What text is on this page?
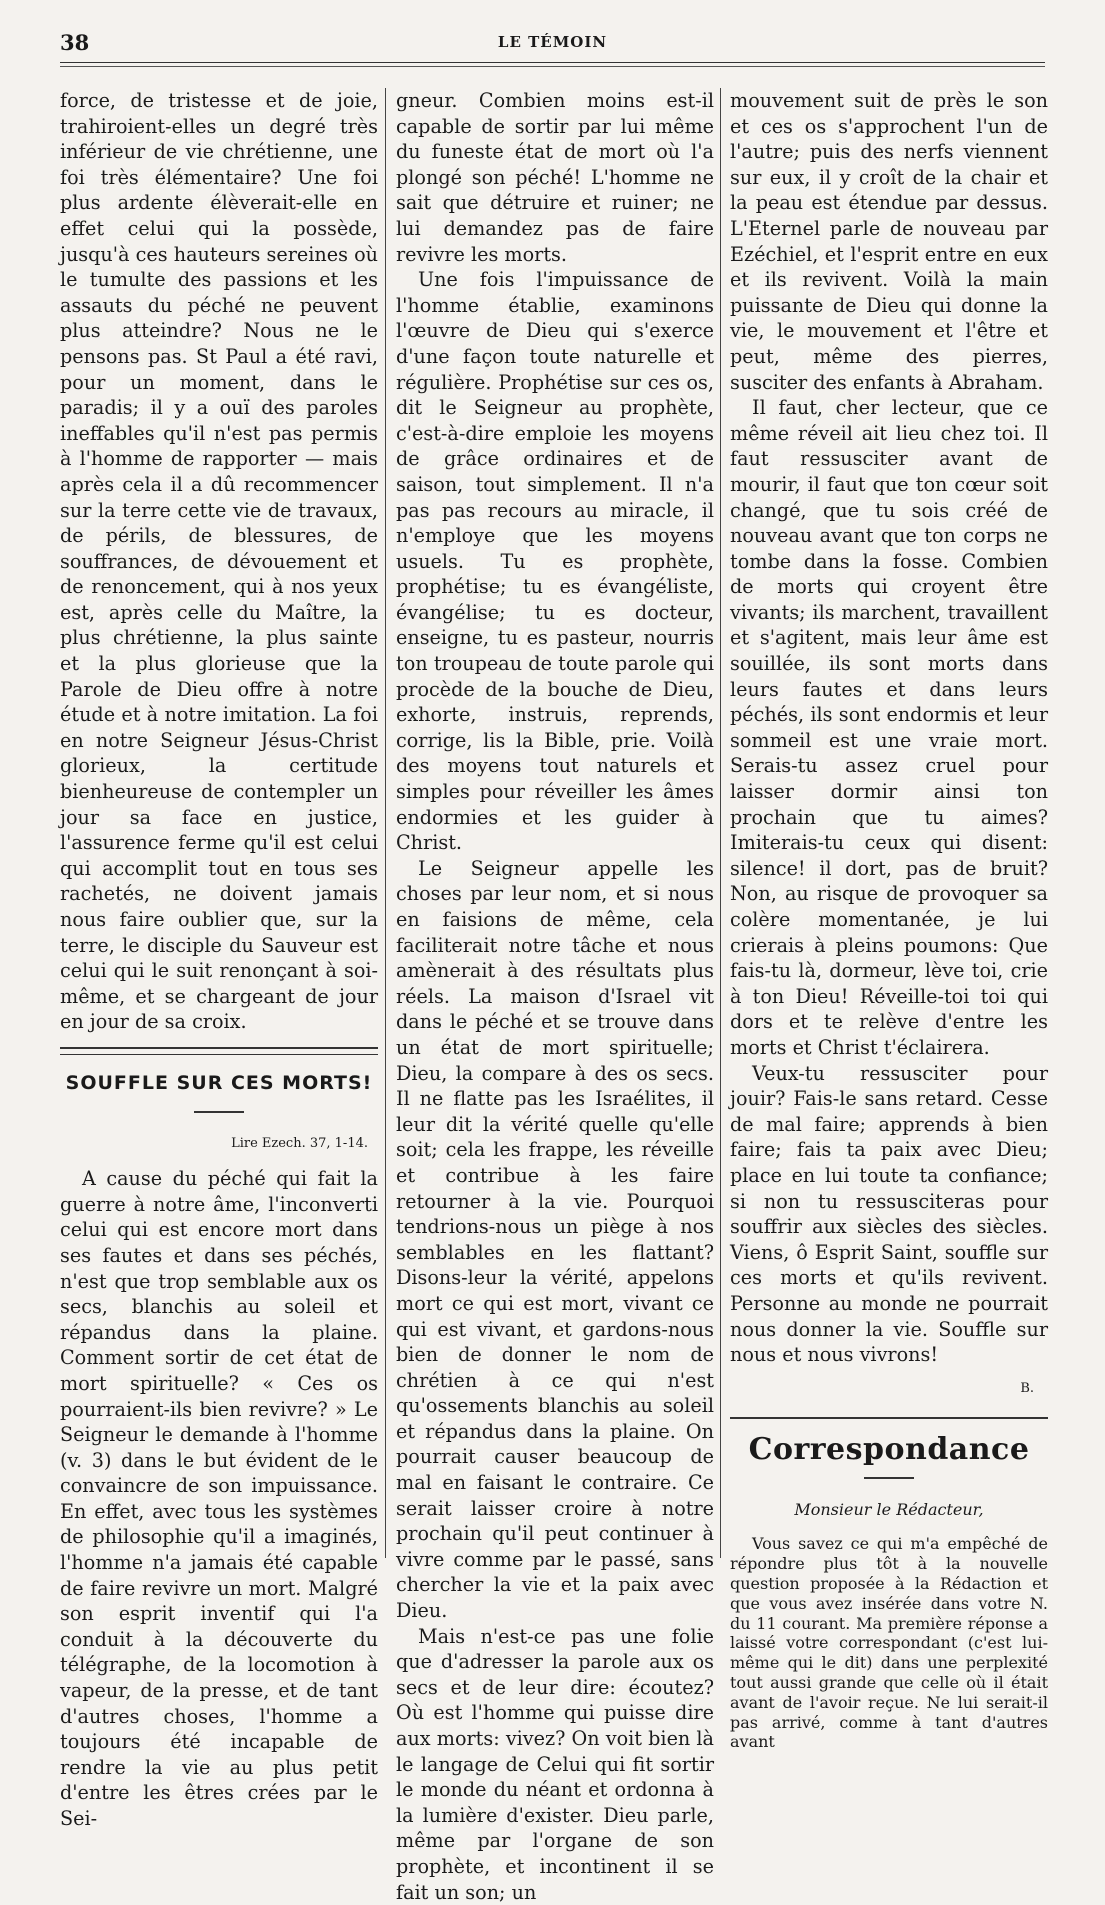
38	LE TÉMOIN

force, de tristesse et de joie, trahiroient-elles un degré très inférieur de vie chrétienne, une foi très élémentaire? Une foi plus ardente élèverait-elle en effet celui qui la possède, jusqu'à ces hauteurs sereines où le tumulte des passions et les assauts du péché ne peuvent plus atteindre? Nous ne le pensons pas. St Paul a été ravi, pour un moment, dans le paradis; il y a ouï des paroles ineffables qu'il n'est pas permis à l'homme de rapporter — mais après cela il a dû recommencer sur la terre cette vie de travaux, de périls, de blessures, de souffrances, de dévouement et de renoncement, qui à nos yeux est, après celle du Maître, la plus chrétienne, la plus sainte et la plus glorieuse que la Parole de Dieu offre à notre étude et à notre imitation. La foi en notre Seigneur Jésus-Christ glorieux, la certitude bienheureuse de contempler un jour sa face en justice, l'assurence ferme qu'il est celui qui accomplit tout en tous ses rachetés, ne doivent jamais nous faire oublier que, sur la terre, le disciple du Sauveur est celui qui le suit renonçant à soi-même, et se chargeant de jour en jour de sa croix.

SOUFFLE SUR CES MORTS!
Lire Ezech. 37, 1-14.

A cause du péché qui fait la guerre à notre âme, l'inconverti celui qui est encore mort dans ses fautes et dans ses péchés, n'est que trop semblable aux os secs, blanchis au soleil et répandus dans la plaine. Comment sortir de cet état de mort spirituelle? « Ces os pourraient-ils bien revivre? » Le Seigneur le demande à l'homme (v. 3) dans le but évident de le convaincre de son impuissance. En effet, avec tous les systèmes de philosophie qu'il a imaginés, l'homme n'a jamais été capable de faire revivre un mort. Malgré son esprit inventif qui l'a conduit à la découverte du télégraphe, de la locomotion à vapeur, de la presse, et de tant d'autres choses, l'homme a toujours été incapable de rendre la vie au plus petit d'entre les êtres crées par le Sei-

gneur. Combien moins est-il capable de sortir par lui même du funeste état de mort où l'a plongé son péché! L'homme ne sait que détruire et ruiner; ne lui demandez pas de faire revivre les morts.

Une fois l'impuissance de l'homme établie, examinons l'œuvre de Dieu qui s'exerce d'une façon toute naturelle et régulière. Prophétise sur ces os, dit le Seigneur au prophète, c'est-à-dire emploie les moyens de grâce ordinaires et de saison, tout simplement. Il n'a pas pas recours au miracle, il n'employe que les moyens usuels. Tu es prophète, prophétise; tu es évangéliste, évangélise; tu es docteur, enseigne, tu es pasteur, nourris ton troupeau de toute parole qui procède de la bouche de Dieu, exhorte, instruis, reprends, corrige, lis la Bible, prie. Voilà des moyens tout naturels et simples pour réveiller les âmes endormies et les guider à Christ.

Le Seigneur appelle les choses par leur nom, et si nous en faisions de même, cela faciliterait notre tâche et nous amènerait à des résultats plus réels. La maison d'Israel vit dans le péché et se trouve dans un état de mort spirituelle; Dieu, la compare à des os secs. Il ne flatte pas les Israélites, il leur dit la vérité quelle qu'elle soit; cela les frappe, les réveille et contribue à les faire retourner à la vie. Pourquoi tendrions-nous un piège à nos semblables en les flattant? Disons-leur la vérité, appelons mort ce qui est mort, vivant ce qui est vivant, et gardons-nous bien de donner le nom de chrétien à ce qui n'est qu'ossements blanchis au soleil et répandus dans la plaine. On pourrait causer beaucoup de mal en faisant le contraire. Ce serait laisser croire à notre prochain qu'il peut continuer à vivre comme par le passé, sans chercher la vie et la paix avec Dieu.

Mais n'est-ce pas une folie que d'adresser la parole aux os secs et de leur dire: écoutez? Où est l'homme qui puisse dire aux morts: vivez? On voit bien là le langage de Celui qui fit sortir le monde du néant et ordonna à la lumière d'exister. Dieu parle, même par l'organe de son prophète, et incontinent il se fait un son; un

mouvement suit de près le son et ces os s'approchent l'un de l'autre; puis des nerfs viennent sur eux, il y croît de la chair et la peau est étendue par dessus. L'Eternel parle de nouveau par Ezéchiel, et l'esprit entre en eux et ils revivent. Voilà la main puissante de Dieu qui donne la vie, le mouvement et l'être et peut, même des pierres, susciter des enfants à Abraham.

Il faut, cher lecteur, que ce même réveil ait lieu chez toi. Il faut ressusciter avant de mourir, il faut que ton cœur soit changé, que tu sois créé de nouveau avant que ton corps ne tombe dans la fosse. Combien de morts qui croyent être vivants; ils marchent, travaillent et s'agitent, mais leur âme est souillée, ils sont morts dans leurs fautes et dans leurs péchés, ils sont endormis et leur sommeil est une vraie mort. Serais-tu assez cruel pour laisser dormir ainsi ton prochain que tu aimes? Imiterais-tu ceux qui disent: silence! il dort, pas de bruit? Non, au risque de provoquer sa colère momentanée, je lui crierais à pleins poumons: Que fais-tu là, dormeur, lève toi, crie à ton Dieu! Réveille-toi toi qui dors et te relève d'entre les morts et Christ t'éclairera.

Veux-tu ressusciter pour jouir? Fais-le sans retard. Cesse de mal faire; apprends à bien faire; fais ta paix avec Dieu; place en lui toute ta confiance; si non tu ressusciteras pour souffrir aux siècles des siècles. Viens, ô Esprit Saint, souffle sur ces morts et qu'ils revivent. Personne au monde ne pourrait nous donner la vie. Souffle sur nous et nous vivrons!

B.
Correspondance
Monsieur le Rédacteur,

Vous savez ce qui m'a empêché de répondre plus tôt à la nouvelle question proposée à la Rédaction et que vous avez insérée dans votre N. du 11 courant. Ma première réponse a laissé votre correspondant (c'est lui-même qui le dit) dans une perplexité tout aussi grande que celle où il était avant de l'avoir reçue. Ne lui serait-il pas arrivé, comme à tant d'autres avant
